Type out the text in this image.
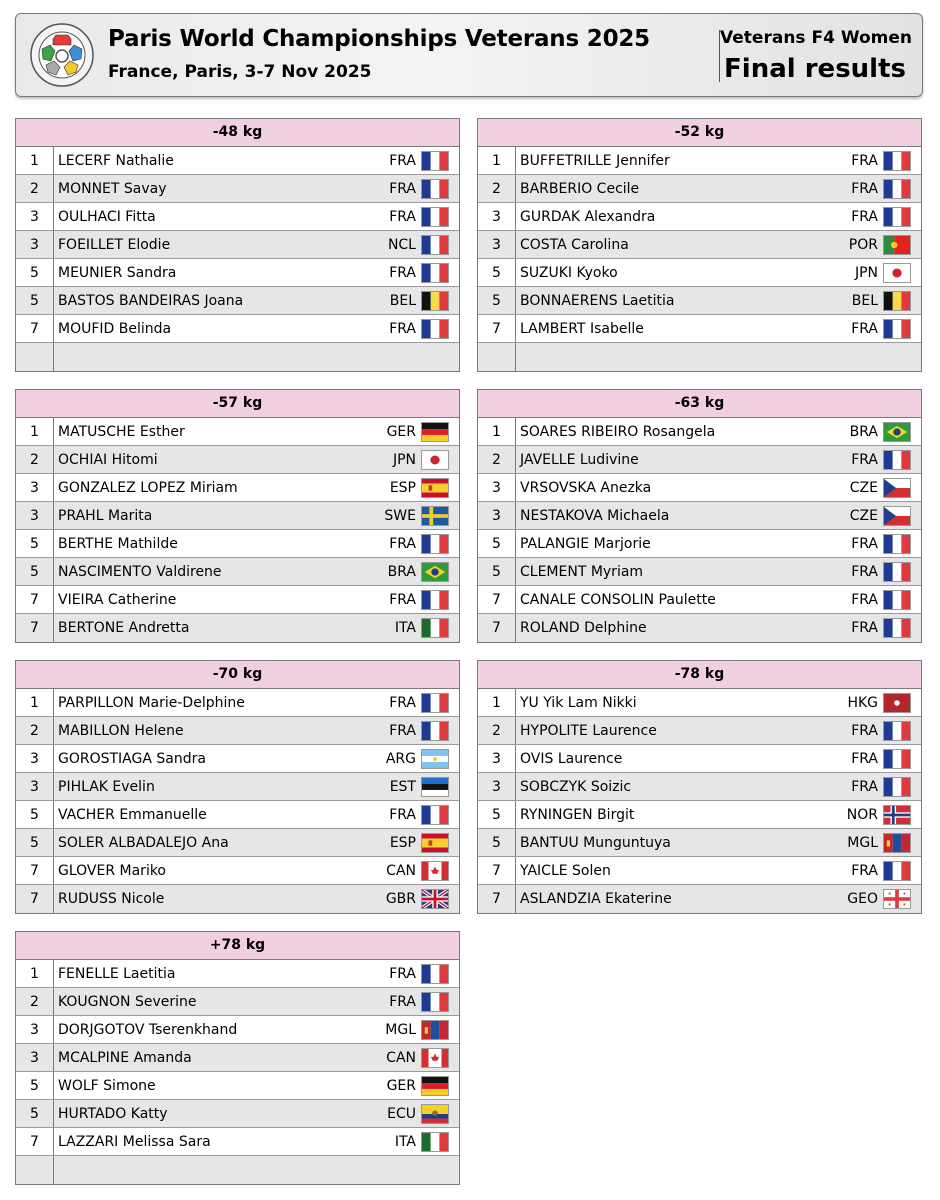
Paris World Championships Veterans 2025
France, Paris, 3-7 Nov 2025
Veterans F4 Women
Final results
-48 kg
1	LECERF Nathalie	FRA
2	MONNET Savay	FRA
3	OULHACI Fitta	FRA
3	FOEILLET Elodie	NCL
5	MEUNIER Sandra	FRA
5	BASTOS BANDEIRAS Joana	BEL
7	MOUFID Belinda	FRA
-52 kg
1	BUFFETRILLE Jennifer	FRA
2	BARBERIO Cecile	FRA
3	GURDAK Alexandra	FRA
3	COSTA Carolina	POR
5	SUZUKI Kyoko	JPN
5	BONNAERENS Laetitia	BEL
7	LAMBERT Isabelle	FRA
-57 kg
1	MATUSCHE Esther	GER
2	OCHIAI Hitomi	JPN
3	GONZALEZ LOPEZ Miriam	ESP
3	PRAHL Marita	SWE
5	BERTHE Mathilde	FRA
5	NASCIMENTO Valdirene	BRA
7	VIEIRA Catherine	FRA
7	BERTONE Andretta	ITA
-63 kg
1	SOARES RIBEIRO Rosangela	BRA
2	JAVELLE Ludivine	FRA
3	VRSOVSKA Anezka	CZE
3	NESTAKOVA Michaela	CZE
5	PALANGIE Marjorie	FRA
5	CLEMENT Myriam	FRA
7	CANALE CONSOLIN Paulette	FRA
7	ROLAND Delphine	FRA
-70 kg
1	PARPILLON Marie-Delphine	FRA
2	MABILLON Helene	FRA
3	GOROSTIAGA Sandra	ARG
3	PIHLAK Evelin	EST
5	VACHER Emmanuelle	FRA
5	SOLER ALBADALEJO Ana	ESP
7	GLOVER Mariko	CAN
7	RUDUSS Nicole	GBR
-78 kg
1	YU Yik Lam Nikki	HKG
2	HYPOLITE Laurence	FRA
3	OVIS Laurence	FRA
3	SOBCZYK Soizic	FRA
5	RYNINGEN Birgit	NOR
5	BANTUU Munguntuya	MGL
7	YAICLE Solen	FRA
7	ASLANDZIA Ekaterine	GEO
+78 kg
1	FENELLE Laetitia	FRA
2	KOUGNON Severine	FRA
3	DORJGOTOV Tserenkhand	MGL
3	MCALPINE Amanda	CAN
5	WOLF Simone	GER
5	HURTADO Katty	ECU
7	LAZZARI Melissa Sara	ITA
